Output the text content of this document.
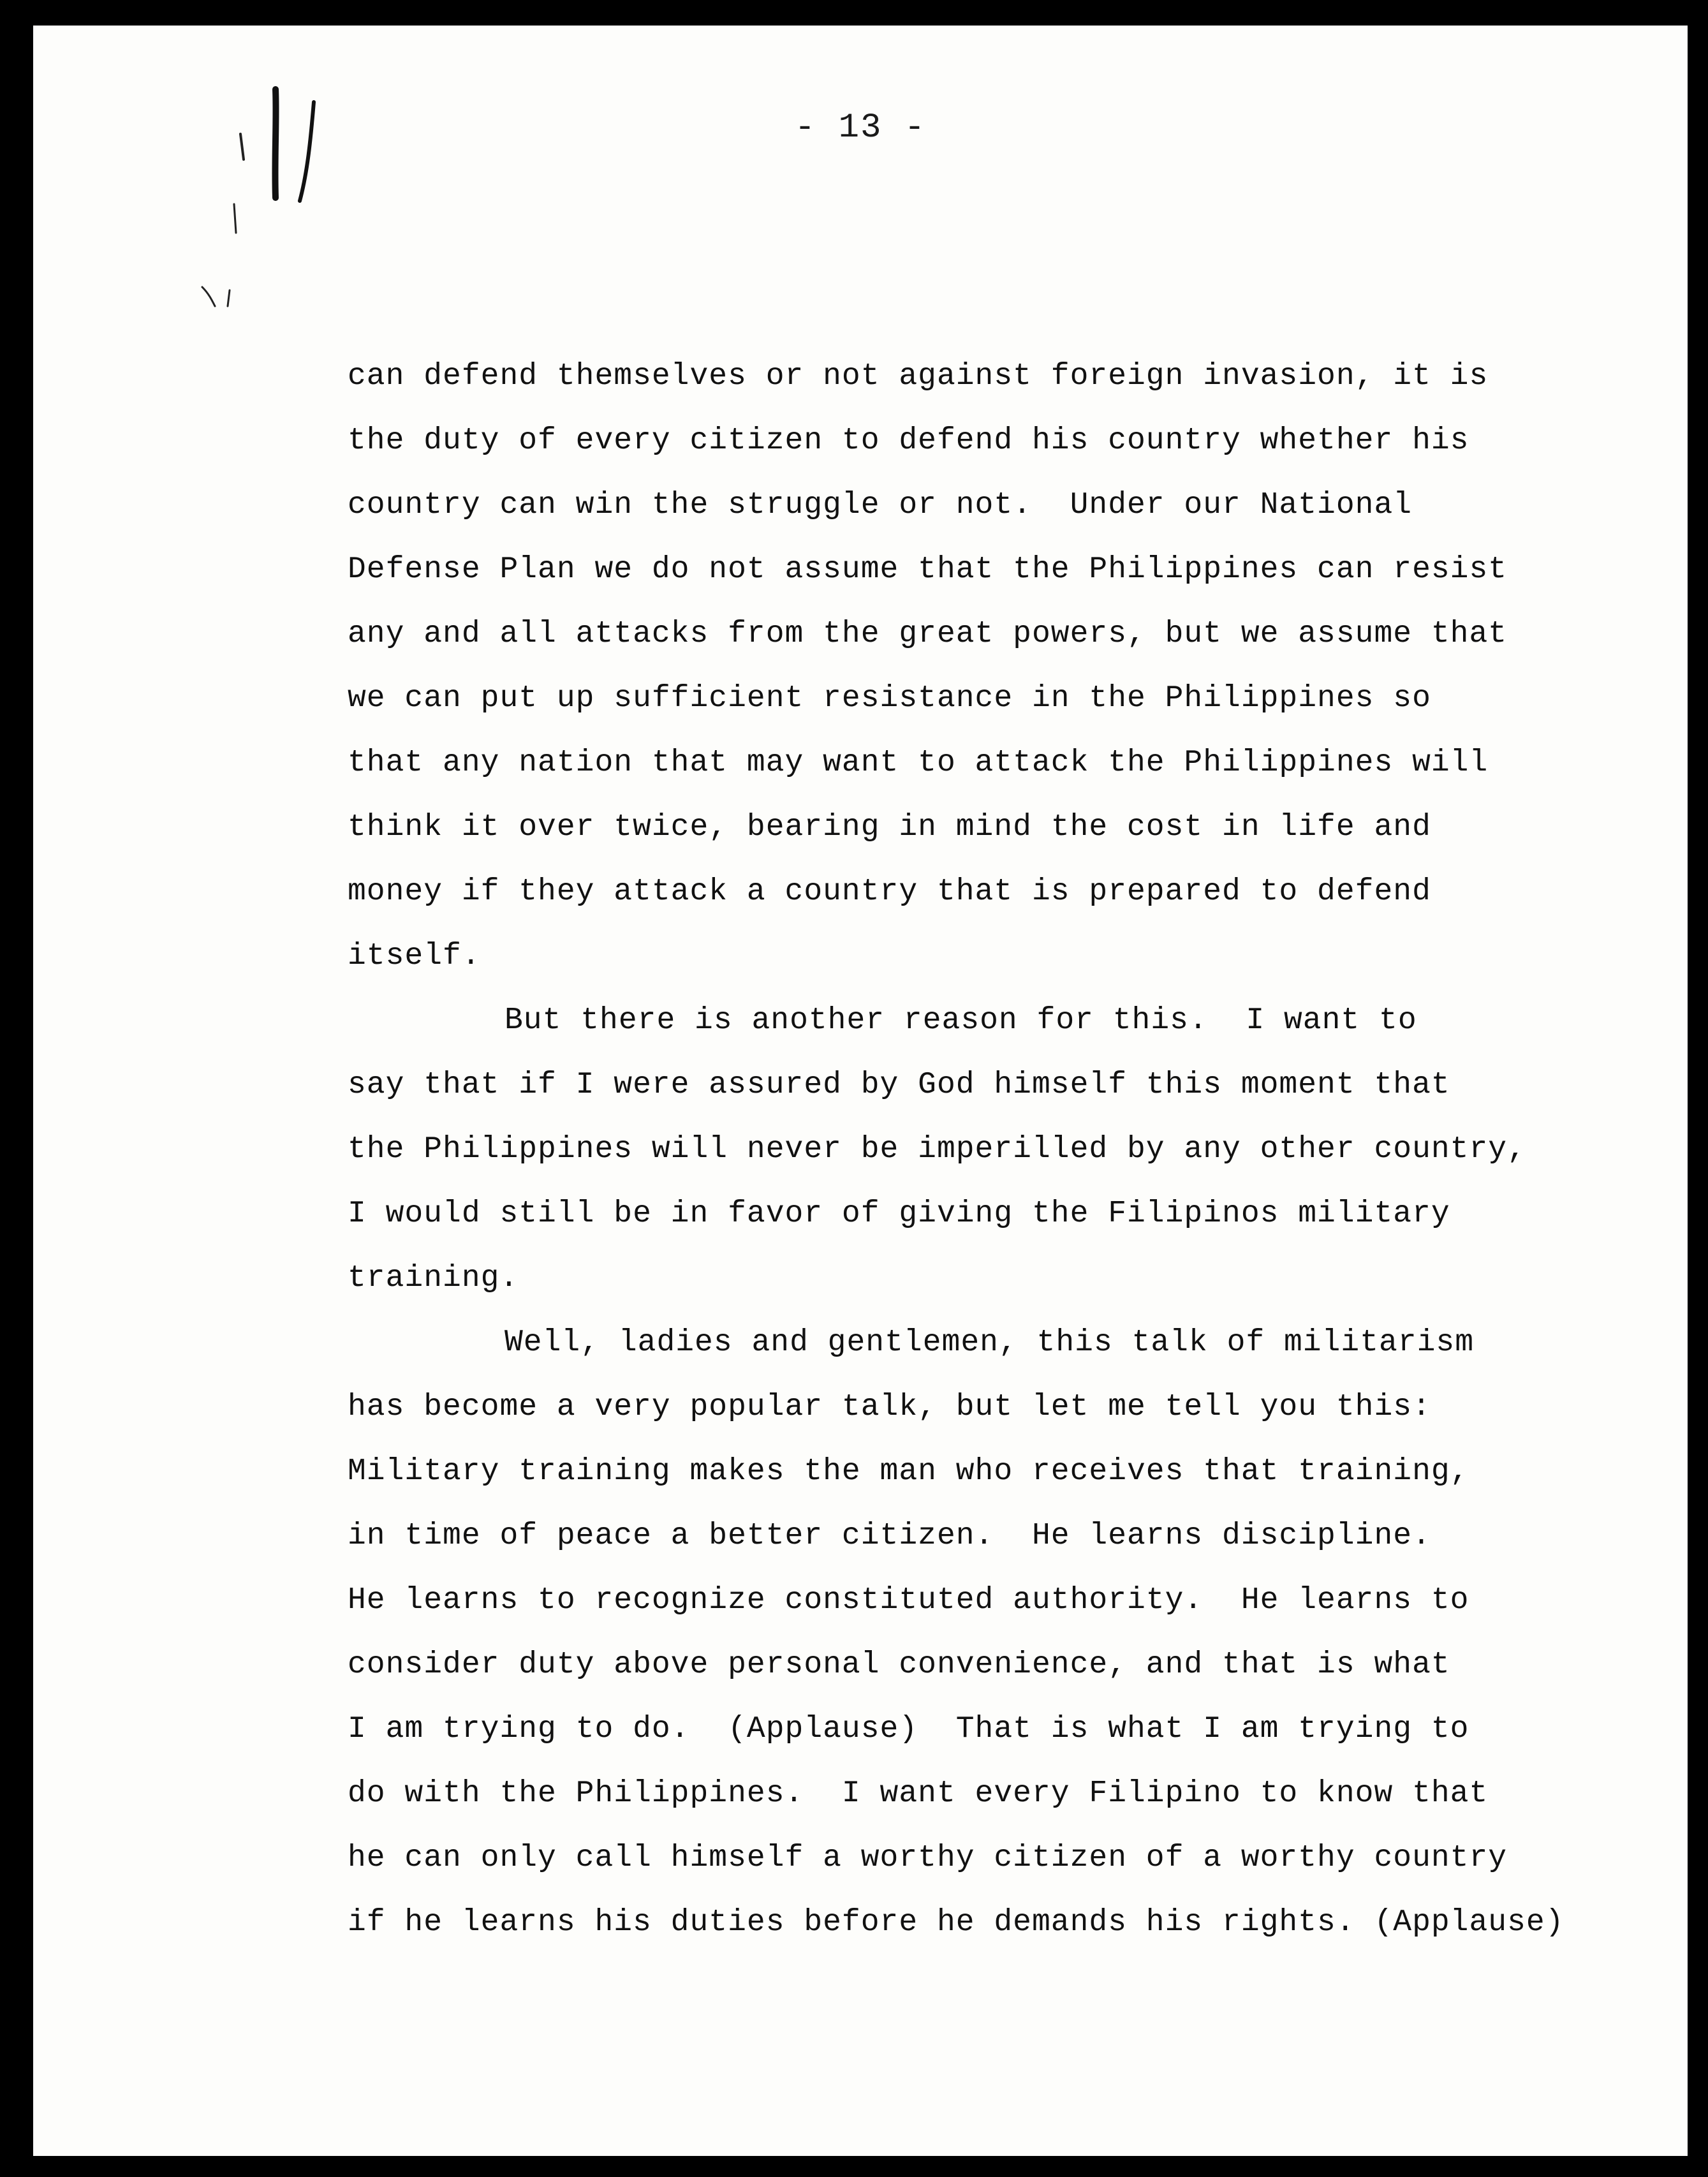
- 13 -
can defend themselves or not against foreign invasion, it is
the duty of every citizen to defend his country whether his
country can win the struggle or not.  Under our National
Defense Plan we do not assume that the Philippines can resist
any and all attacks from the great powers, but we assume that
we can put up sufficient resistance in the Philippines so
that any nation that may want to attack the Philippines will
think it over twice, bearing in mind the cost in life and
money if they attack a country that is prepared to defend
itself.
But there is another reason for this.  I want to
say that if I were assured by God himself this moment that
the Philippines will never be imperilled by any other country,
I would still be in favor of giving the Filipinos military
training.
Well, ladies and gentlemen, this talk of militarism
has become a very popular talk, but let me tell you this:
Military training makes the man who receives that training,
in time of peace a better citizen.  He learns discipline.
He learns to recognize constituted authority.  He learns to
consider duty above personal convenience, and that is what
I am trying to do.  (Applause)  That is what I am trying to
do with the Philippines.  I want every Filipino to know that
he can only call himself a worthy citizen of a worthy country
if he learns his duties before he demands his rights. (Applause)
